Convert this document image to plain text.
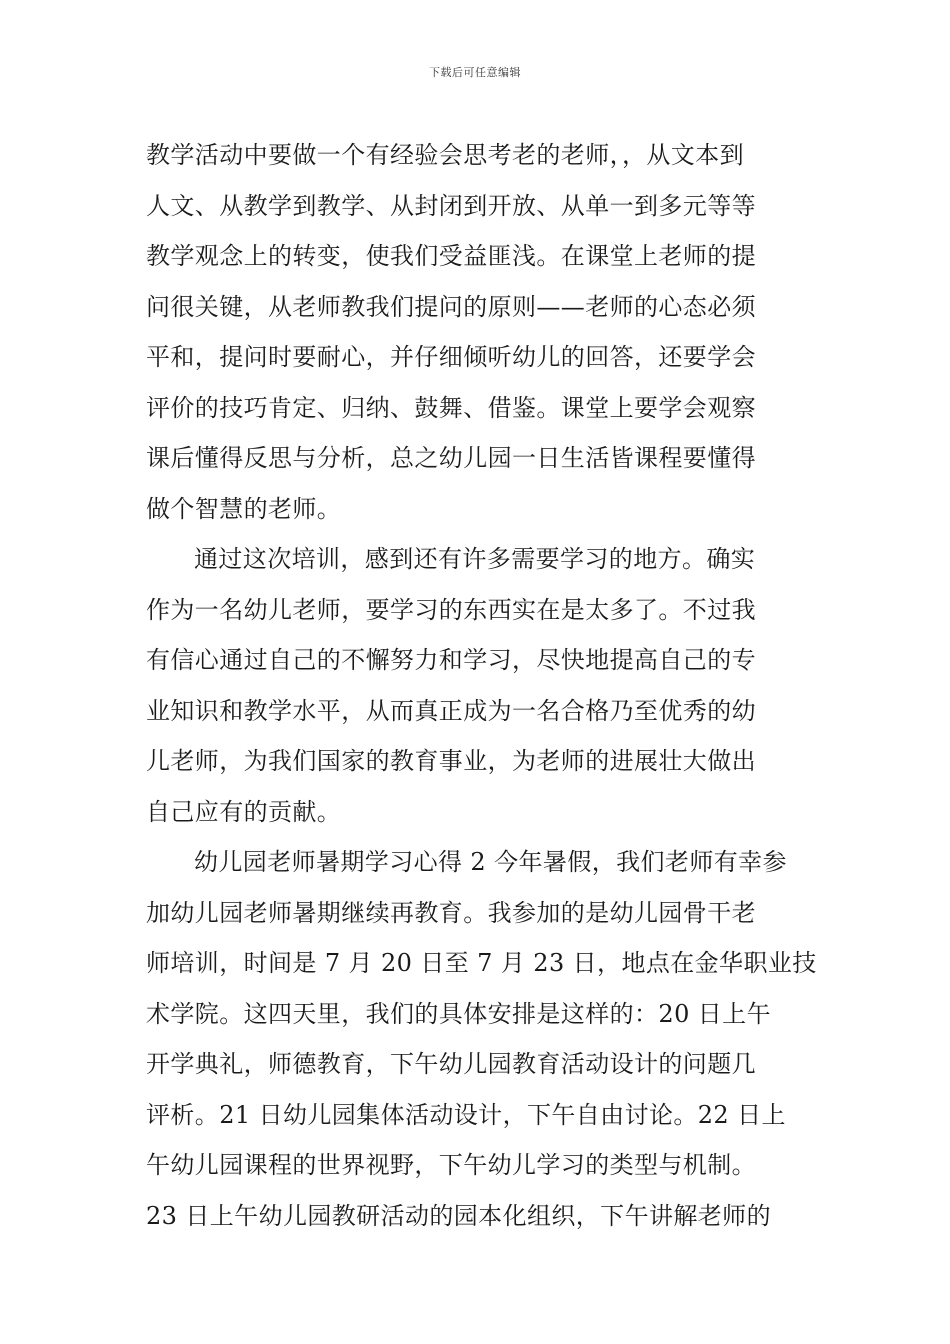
下载后可任意编辑
教学活动中要做一个有经验会思考老的老师，，从文本到
人文、从教学到教学、从封闭到开放、从单一到多元等等
教学观念上的转变，使我们受益匪浅。在课堂上老师的提
问很关键，从老师教我们提问的原则——老师的心态必须
平和，提问时要耐心，并仔细倾听幼儿的回答，还要学会
评价的技巧肯定、归纳、鼓舞、借鉴。课堂上要学会观察
课后懂得反思与分析，总之幼儿园一日生活皆课程要懂得
做个智慧的老师。
通过这次培训，感到还有许多需要学习的地方。确实
作为一名幼儿老师，要学习的东西实在是太多了。不过我
有信心通过自己的不懈努力和学习，尽快地提高自己的专
业知识和教学水平，从而真正成为一名合格乃至优秀的幼
儿老师，为我们国家的教育事业，为老师的进展壮大做出
自己应有的贡献。
幼儿园老师暑期学习心得 2 今年暑假，我们老师有幸参
加幼儿园老师暑期继续再教育。我参加的是幼儿园骨干老
师培训，时间是 7 月 20 日至 7 月 23 日，地点在金华职业技
术学院。这四天里，我们的具体安排是这样的：20 日上午
开学典礼，师德教育，下午幼儿园教育活动设计的问题几
评析。21 日幼儿园集体活动设计，下午自由讨论。22 日上
午幼儿园课程的世界视野，下午幼儿学习的类型与机制。
23 日上午幼儿园教研活动的园本化组织，下午讲解老师的
